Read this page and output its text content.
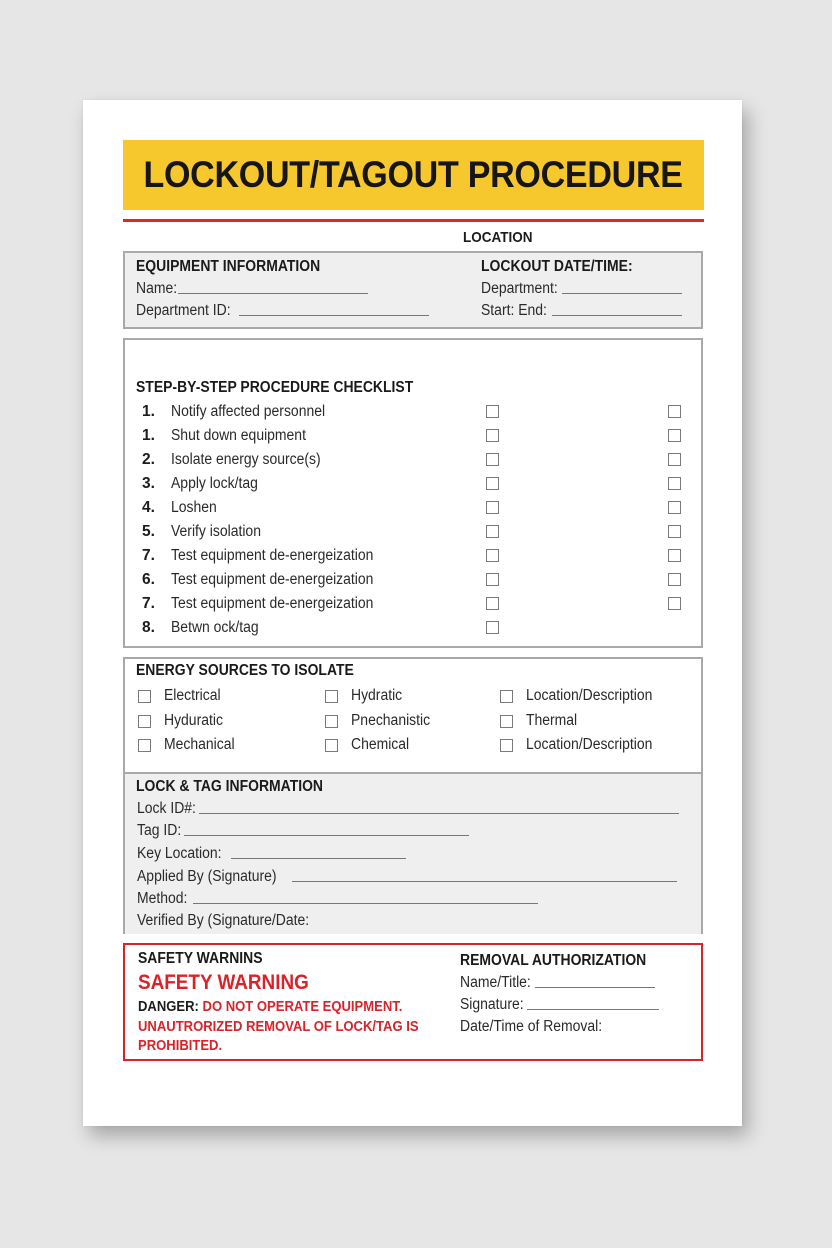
LOCKOUT/TAGOUT PROCEDURE
LOCATION
EQUIPMENT INFORMATION
Name:
Department ID:
LOCKOUT DATE/TIME:
Department:
Start: End:
STEP-BY-STEP PROCEDURE CHECKLIST
1. Notify affected personnel
1. Shut down equipment
2. Isolate energy source(s)
3. Apply lock/tag
4. Loshen
5. Verify isolation
7. Test equipment de-energeization
6. Test equipment de-energeization
7. Test equipment de-energeization
8. Betwn ock/tag
ENERGY SOURCES TO ISOLATE
Electrical
Hyduratic
Mechanical
Hydratic
Pnechanistic
Chemical
Location/Description
Thermal
Location/Description
LOCK & TAG INFORMATION
Lock ID#:
Tag ID:
Key Location:
Applied By (Signature)
Method:
Verified By (Signature/Date:
SAFETY WARNINS
SAFETY WARNING
DANGER: DO NOT OPERATE EQUIPMENT.
UNAUTRORIZED REMOVAL OF LOCK/TAG IS
PROHIBITED.
REMOVAL AUTHORIZATION
Name/Title:
Signature:
Date/Time of Removal:
